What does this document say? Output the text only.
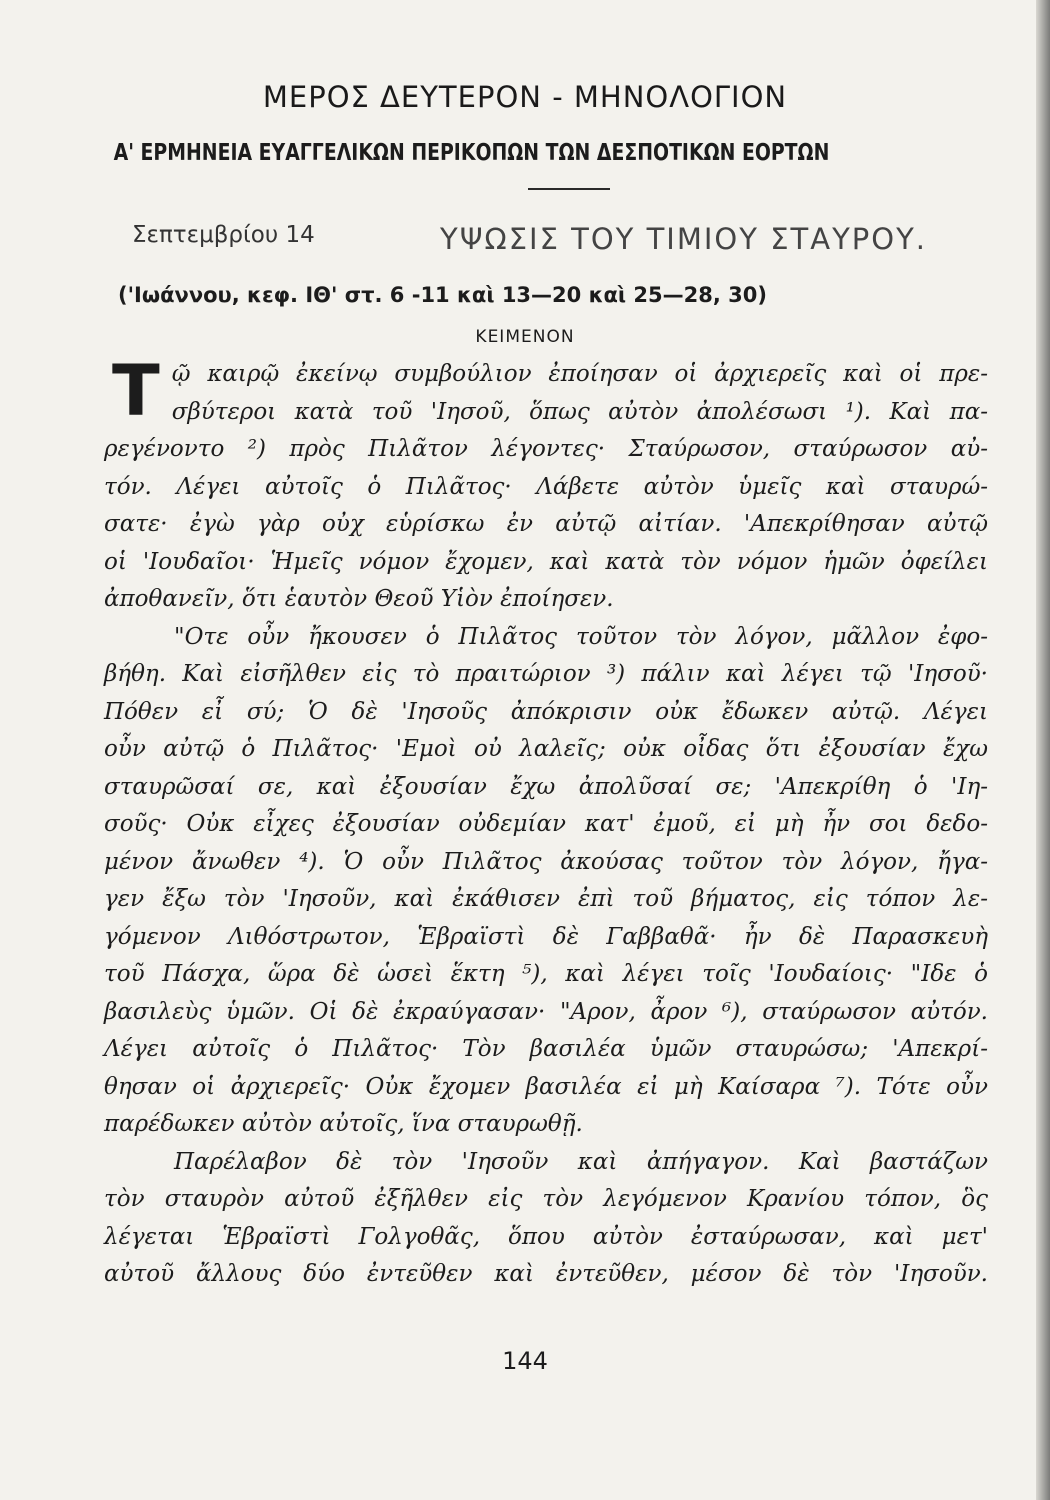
ΜΕΡΟΣ ΔΕΥΤΕΡΟΝ - ΜΗΝΟΛΟΓΙΟΝ
Α' ΕΡΜΗΝΕΙΑ ΕΥΑΓΓΕΛΙΚΩΝ ΠΕΡΙΚΟΠΩΝ ΤΩΝ ΔΕΣΠΟΤΙΚΩΝ ΕΟΡΤΩΝ
Σεπτεμβρίου 14	ΥΨΩΣΙΣ ΤΟΥ ΤΙΜΙΟΥ ΣΤΑΥΡΟΥ.
('Ιωάννου, κεφ. ΙΘ' στ. 6 -11 καὶ 13—20 καὶ 25—28, 30)
ΚΕΙΜΕΝΟΝ
Τ ῷ καιρῷ ἐκείνῳ συμβούλιον ἐποίησαν οἱ ἀρχιερεῖς καὶ οἱ πρε-
σβύτεροι κατὰ τοῦ 'Ιησοῦ, ὅπως αὐτὸν ἀπολέσωσι ¹). Καὶ πα-
ρεγένοντο ²) πρὸς Πιλᾶτον λέγοντες· Σταύρωσον, σταύρωσον αὐ-
τόν. Λέγει αὐτοῖς ὁ Πιλᾶτος· Λάβετε αὐτὸν ὑμεῖς καὶ σταυρώ-
σατε· ἐγὼ γὰρ οὐχ εὑρίσκω ἐν αὐτῷ αἰτίαν. 'Απεκρίθησαν αὐτῷ
οἱ 'Ιουδαῖοι· Ἡμεῖς νόμον ἔχομεν, καὶ κατὰ τὸν νόμον ἡμῶν ὀφείλει
ἀποθανεῖν, ὅτι ἑαυτὸν Θεοῦ Υἱὸν ἐποίησεν.
"Οτε οὖν ἤκουσεν ὁ Πιλᾶτος τοῦτον τὸν λόγον, μᾶλλον ἐφο-
βήθη. Καὶ εἰσῆλθεν εἰς τὸ πραιτώριον ³) πάλιν καὶ λέγει τῷ 'Ιησοῦ·
Πόθεν εἶ σύ; Ὁ δὲ 'Ιησοῦς ἀπόκρισιν οὐκ ἔδωκεν αὐτῷ. Λέγει
οὖν αὐτῷ ὁ Πιλᾶτος· 'Εμοὶ οὐ λαλεῖς; οὐκ οἶδας ὅτι ἐξουσίαν ἔχω
σταυρῶσαί σε, καὶ ἐξουσίαν ἔχω ἀπολῦσαί σε; 'Απεκρίθη ὁ 'Ιη-
σοῦς· Οὐκ εἶχες ἐξουσίαν οὐδεμίαν κατ' ἐμοῦ, εἰ μὴ ἦν σοι δεδο-
μένον ἄνωθεν ⁴). Ὁ οὖν Πιλᾶτος ἀκούσας τοῦτον τὸν λόγον, ἤγα-
γεν ἔξω τὸν 'Ιησοῦν, καὶ ἐκάθισεν ἐπὶ τοῦ βήματος, εἰς τόπον λε-
γόμενον Λιθόστρωτον, Ἑβραϊστὶ δὲ Γαββαθᾶ· ἦν δὲ Παρασκευὴ
τοῦ Πάσχα, ὥρα δὲ ὡσεὶ ἕκτη ⁵), καὶ λέγει τοῖς 'Ιουδαίοις· "Ιδε ὁ
βασιλεὺς ὑμῶν. Οἱ δὲ ἐκραύγασαν· "Αρον, ἆρον ⁶), σταύρωσον αὐτόν.
Λέγει αὐτοῖς ὁ Πιλᾶτος· Τὸν βασιλέα ὑμῶν σταυρώσω; 'Απεκρί-
θησαν οἱ ἀρχιερεῖς· Οὐκ ἔχομεν βασιλέα εἰ μὴ Καίσαρα ⁷). Τότε οὖν
παρέδωκεν αὐτὸν αὐτοῖς, ἵνα σταυρωθῇ.
Παρέλαβον δὲ τὸν 'Ιησοῦν καὶ ἀπήγαγον. Καὶ βαστάζων
τὸν σταυρὸν αὐτοῦ ἐξῆλθεν εἰς τὸν λεγόμενον Κρανίου τόπον, ὃς
λέγεται Ἑβραϊστὶ Γολγοθᾶς, ὅπου αὐτὸν ἐσταύρωσαν, καὶ μετ'
αὐτοῦ ἄλλους δύο ἐντεῦθεν καὶ ἐντεῦθεν, μέσον δὲ τὸν 'Ιησοῦν.
144
